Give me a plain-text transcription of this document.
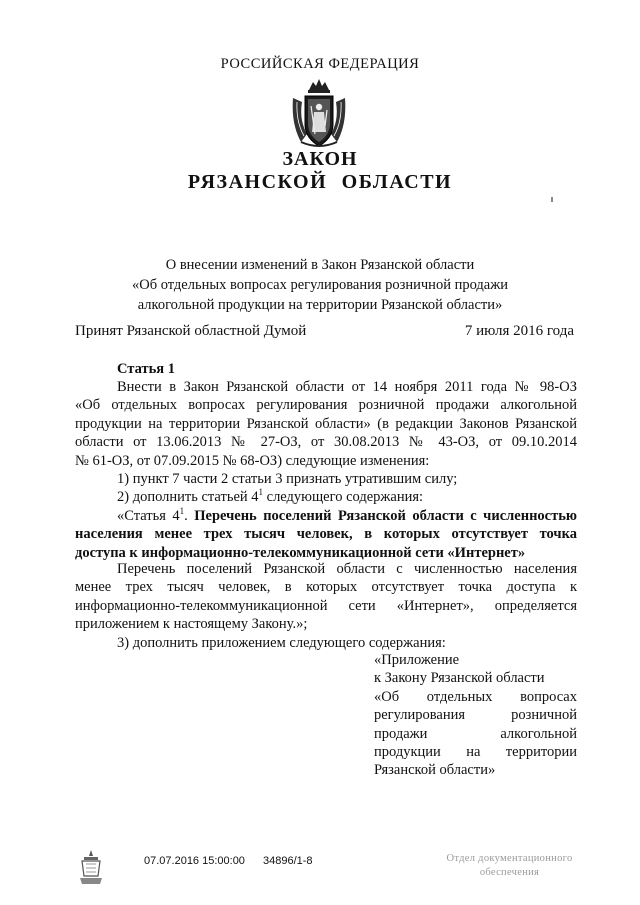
РОССИЙСКАЯ ФЕДЕРАЦИЯ
ЗАКОН
РЯЗАНСКОЙ ОБЛАСТИ
О внесении изменений в Закон Рязанской области
«Об отдельных вопросах регулирования розничной продажи
алкогольной продукции на территории Рязанской области»
Принят Рязанской областной Думой	7 июля 2016 года
Статья 1
Внести в Закон Рязанской области от 14 ноября 2011 года № 98-ОЗ
«Об отдельных вопросах регулирования розничной продажи алкогольной
продукции на территории Рязанской области» (в редакции Законов Рязанской
области от 13.06.2013 № 27-ОЗ, от 30.08.2013 № 43-ОЗ, от 09.10.2014
№ 61-ОЗ, от 07.09.2015 № 68-ОЗ) следующие изменения:
1) пункт 7 части 2 статьи 3 признать утратившим силу;
2) дополнить статьей $4^1$ следующего содержания:
«Статья $4^1$. Перечень поселений Рязанской области с численностью
населения менее трех тысяч человек, в которых отсутствует точка
доступа к информационно-телекоммуникационной сети «Интернет»
Перечень поселений Рязанской области с численностью населения
менее трех тысяч человек, в которых отсутствует точка доступа к
информационно-телекоммуникационной сети «Интернет», определяется
приложением к настоящему Закону.»;
3) дополнить приложением следующего содержания:
«Приложение
к Закону Рязанской области
«Об отдельных вопросах
регулирования розничной
продажи алкогольной
продукции на территории
Рязанской области»
07.07.2016 15:00:00 34896/1-8	Отдел документационного
обеспечения
